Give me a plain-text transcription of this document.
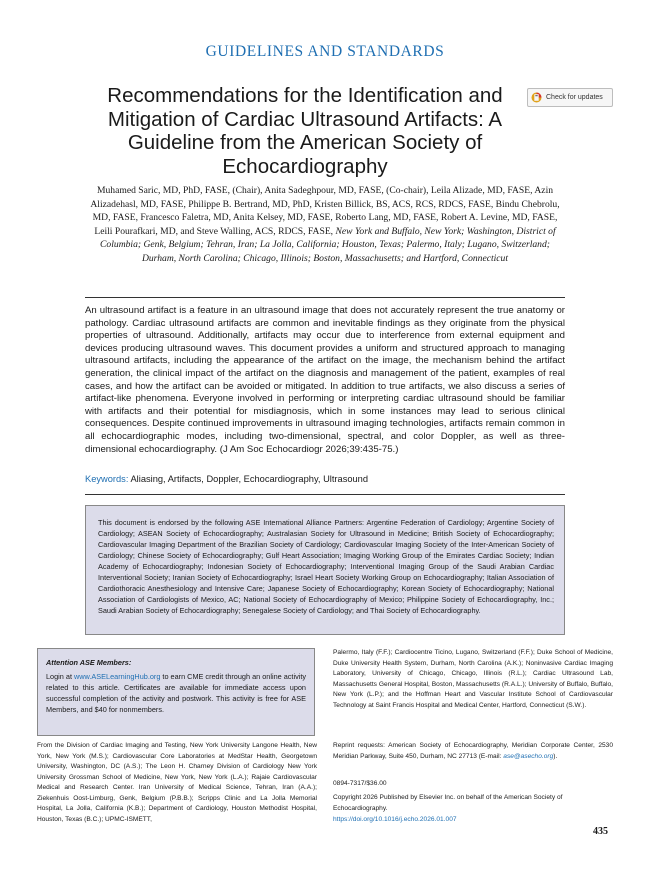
GUIDELINES AND STANDARDS
Recommendations for the Identification and Mitigation of Cardiac Ultrasound Artifacts: A Guideline from the American Society of Echocardiography
Check for updates
Muhamed Saric, MD, PhD, FASE, (Chair), Anita Sadeghpour, MD, FASE, (Co-chair), Leila Alizade, MD, FASE, Azin Alizadehasl, MD, FASE, Philippe B. Bertrand, MD, PhD, Kristen Billick, BS, ACS, RCS, RDCS, FASE, Bindu Chebrolu, MD, FASE, Francesco Faletra, MD, Anita Kelsey, MD, FASE, Roberto Lang, MD, FASE, Robert A. Levine, MD, FASE, Leili Pourafkari, MD, and Steve Walling, ACS, RDCS, FASE, New York and Buffalo, New York; Washington, District of Columbia; Genk, Belgium; Tehran, Iran; La Jolla, California; Houston, Texas; Palermo, Italy; Lugano, Switzerland; Durham, North Carolina; Chicago, Illinois; Boston, Massachusetts; and Hartford, Connecticut
An ultrasound artifact is a feature in an ultrasound image that does not accurately represent the true anatomy or pathology. Cardiac ultrasound artifacts are common and inevitable findings as they originate from the physical properties of ultrasound. Additionally, artifacts may occur due to interference from external equipment and devices producing ultrasound waves. This document provides a uniform and structured approach to managing ultrasound artifacts, including the appearance of the artifact on the image, the mechanism behind the artifact generation, the clinical impact of the artifact on the diagnosis and management of the patient, examples of real cases, and how the artifact can be avoided or mitigated. In addition to true artifacts, we also discuss a series of artifact-like phenomena. Everyone involved in performing or interpreting cardiac ultrasound should be familiar with artifacts and their potential for misdiagnosis, which in some instances may lead to serious clinical consequences. Despite continued improvements in ultrasound imaging technologies, artifacts remain common in all echocardiographic modes, including two-dimensional, spectral, and color Doppler, as well as three-dimensional echocardiography. (J Am Soc Echocardiogr 2026;39:435-75.)
Keywords: Aliasing, Artifacts, Doppler, Echocardiography, Ultrasound
This document is endorsed by the following ASE International Alliance Partners: Argentine Federation of Cardiology; Argentine Society of Cardiology; ASEAN Society of Echocardiography; Australasian Society for Ultrasound in Medicine; British Society of Echocardiography; Cardiovascular Imaging Department of the Brazilian Society of Cardiology; Cardiovascular Imaging Society of the Inter-American Society of Cardiology; Chinese Society of Echocardiography; Gulf Heart Association; Imaging Working Group of the Emirates Cardiac Society; Indian Academy of Echocardiography; Indonesian Society of Echocardiography; Interventional Imaging Group of the Saudi Arabian Cardiac Interventional Society; Iranian Society of Echocardiography; Israel Heart Society Working Group on Echocardiography; Italian Association of Cardiothoracic Anesthesiology and Intensive Care; Japanese Society of Echocardiography; Korean Society of Echocardiography; National Association of Cardiologists of Mexico, AC; National Society of Echocardiography of Mexico; Philippine Society of Echocardiography, Inc.; Saudi Arabian Society of Echocardiography; Senegalese Society of Cardiology; and Thai Society of Echocardiography.
Attention ASE Members:
Login at www.ASELearningHub.org to earn CME credit through an online activity related to this article. Certificates are available for immediate access upon successful completion of the activity and postwork. This activity is free for ASE Members, and $40 for nonmembers.
From the Division of Cardiac Imaging and Testing, New York University Langone Health, New York, New York (M.S.); Cardiovascular Core Laboratories at MedStar Health, Georgetown University, Washington, DC (A.S.); The Leon H. Charney Division of Cardiology New York University Grossman School of Medicine, New York, New York (L.A.); Rajaie Cardiovascular Medical and Research Center. Iran University of Medical Science, Tehran, Iran (A.A.); Ziekenhuis Oost-Limburg, Genk, Belgium (P.B.B.); Scripps Clinic and La Jolla Memorial Hospital, La Jolla, California (K.B.); Department of Cardiology, Houston Methodist Hospital, Houston, Texas (B.C.); UPMC-ISMETT,
Palermo, Italy (F.F.); Cardiocentre Ticino, Lugano, Switzerland (F.F.); Duke School of Medicine, Duke University Health System, Durham, North Carolina (A.K.); Noninvasive Cardiac Imaging Laboratory, University of Chicago, Chicago, Illinois (R.L.); Cardiac Ultrasound Lab, Massachusetts General Hospital, Boston, Massachusetts (R.A.L.); University of Buffalo, Buffalo, New York (L.P.); and the Hoffman Heart and Vascular Institute School of Cardiovascular Technology at Saint Francis Hospital and Medical Center, Hartford, Connecticut (S.W.).
Reprint requests: American Society of Echocardiography, Meridian Corporate Center, 2530 Meridian Parkway, Suite 450, Durham, NC 27713 (E-mail: ase@asecho.org).
0894-7317/$36.00
Copyright 2026 Published by Elsevier Inc. on behalf of the American Society of Echocardiography.
https://doi.org/10.1016/j.echo.2026.01.007
435
